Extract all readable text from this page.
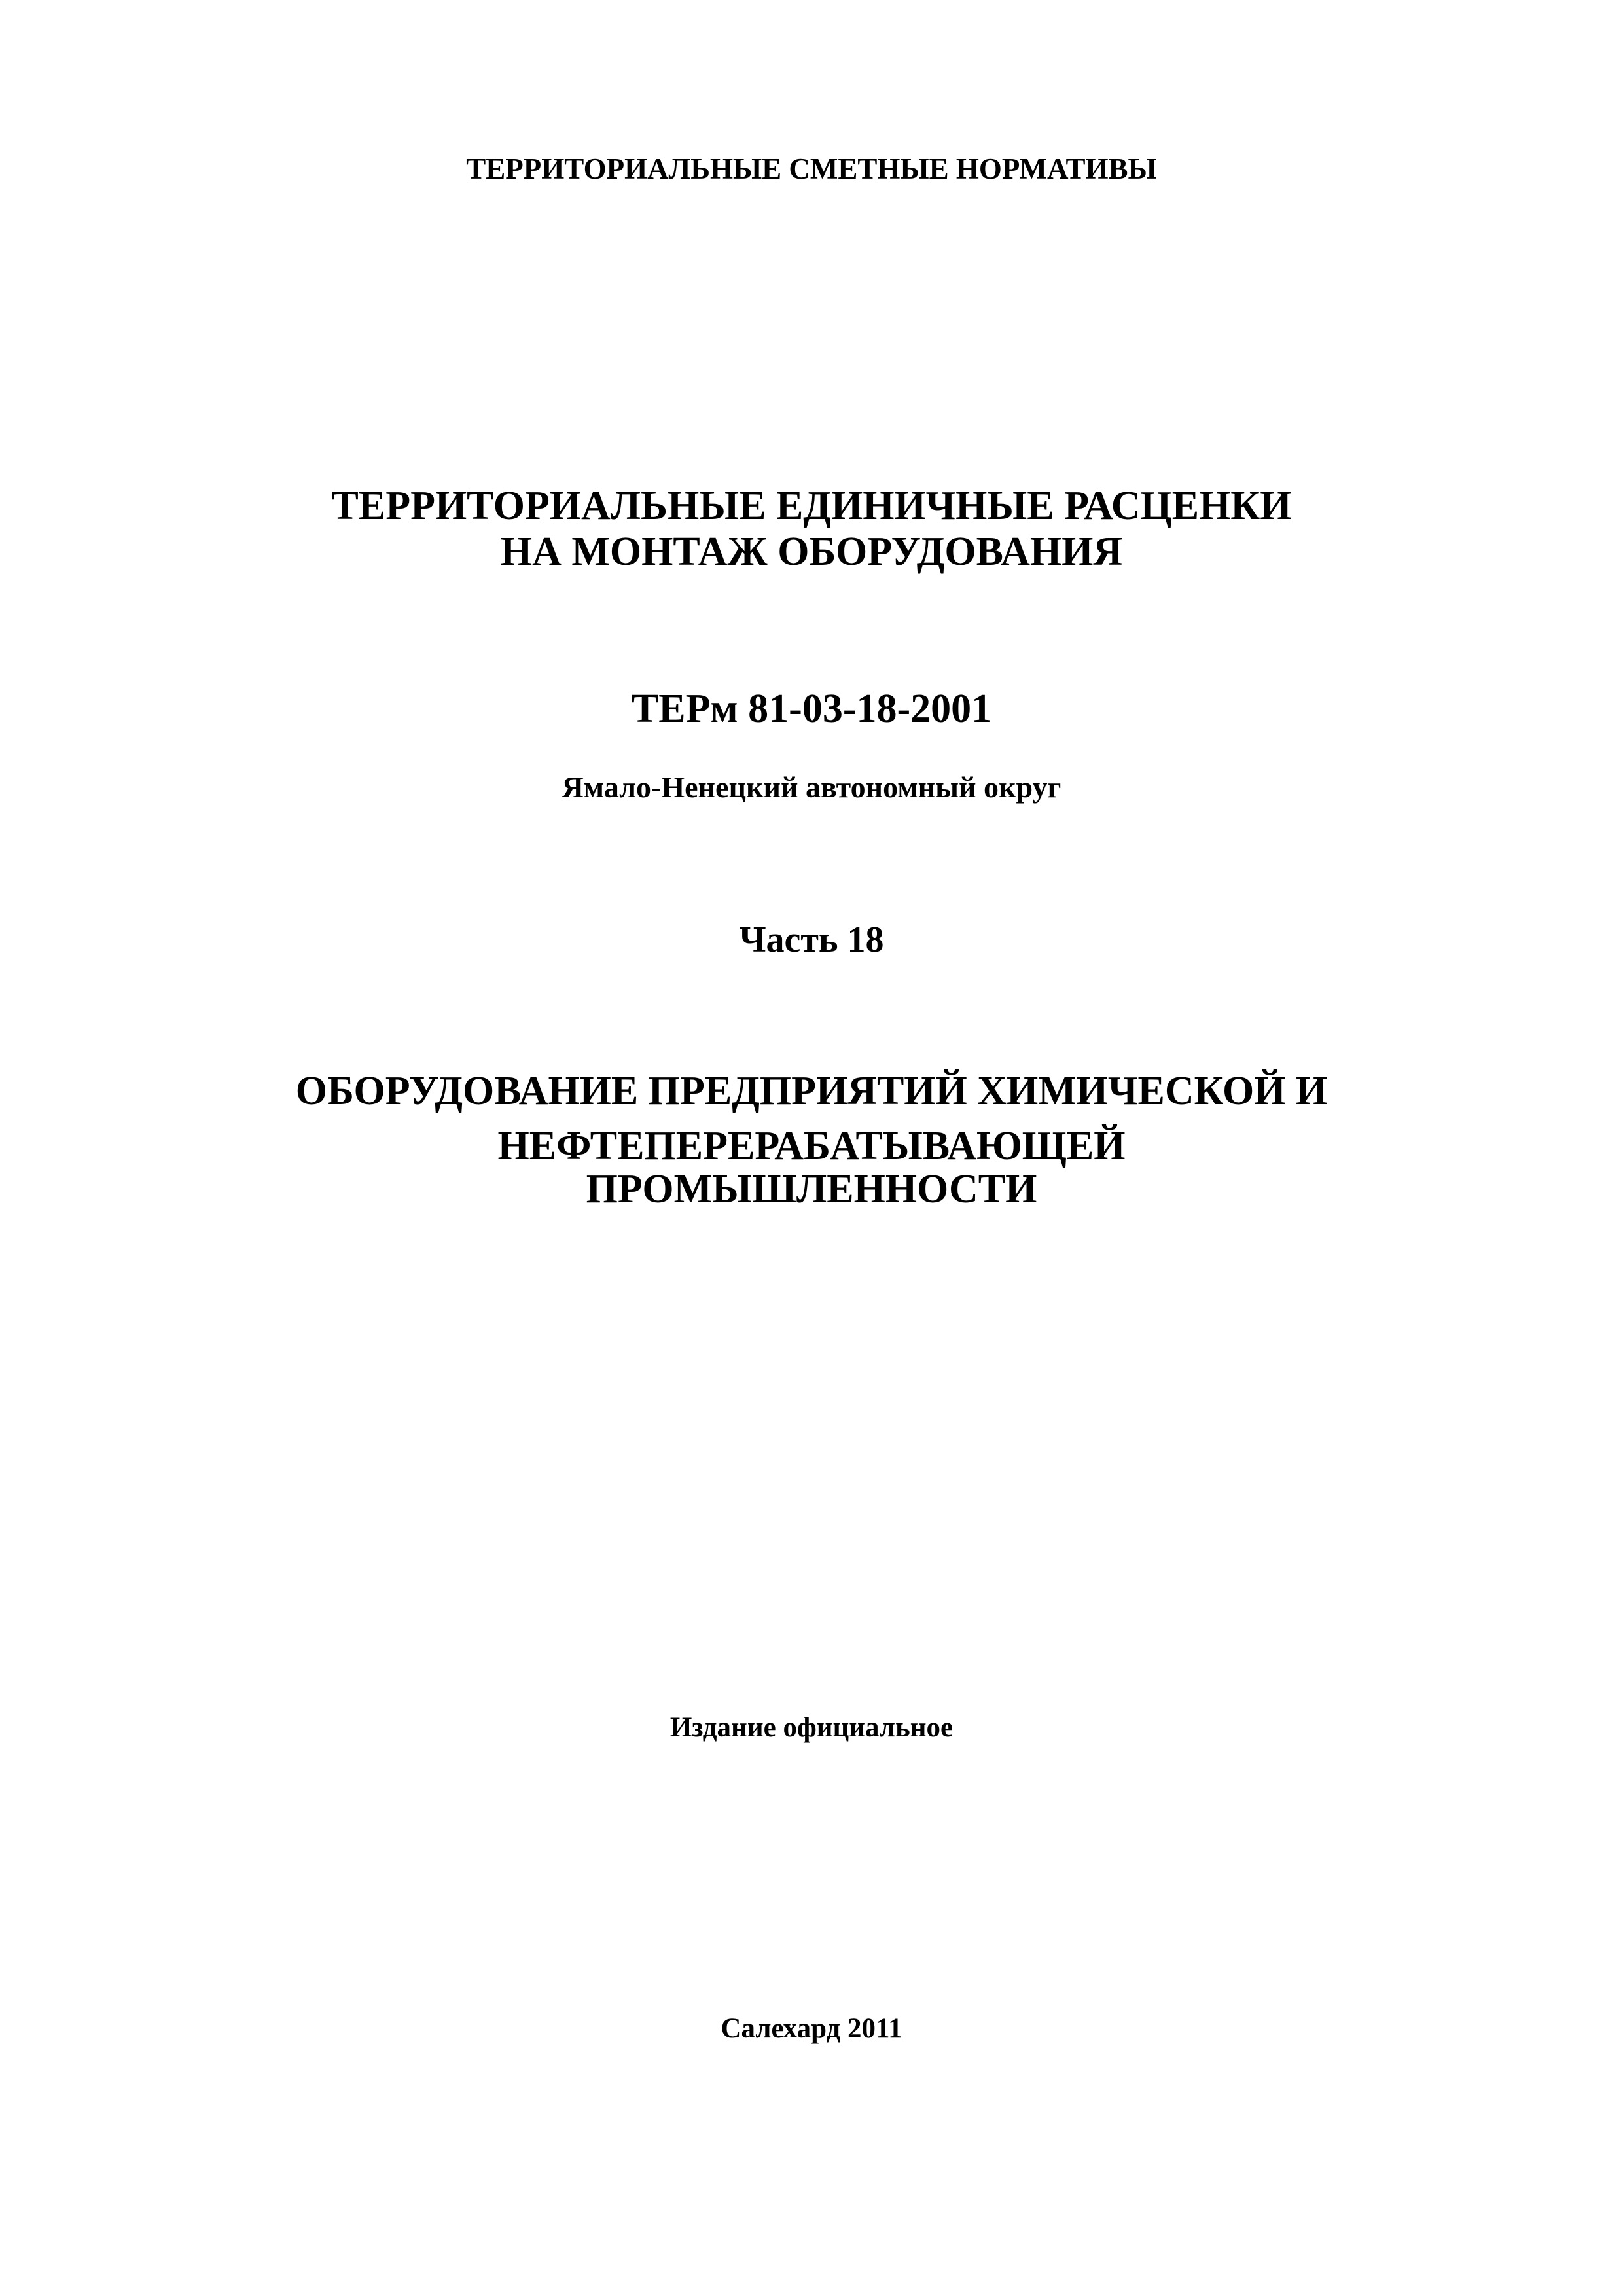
ТЕРРИТОРИАЛЬНЫЕ СМЕТНЫЕ НОРМАТИВЫ
ТЕРРИТОРИАЛЬНЫЕ ЕДИНИЧНЫЕ РАСЦЕНКИ
НА МОНТАЖ ОБОРУДОВАНИЯ
ТЕРм 81-03-18-2001
Ямало-Ненецкий автономный округ
Часть 18
ОБОРУДОВАНИЕ ПРЕДПРИЯТИЙ ХИМИЧЕСКОЙ И
НЕФТЕПЕРЕРАБАТЫВАЮЩЕЙ
ПРОМЫШЛЕННОСТИ
Издание официальное
Салехард 2011
